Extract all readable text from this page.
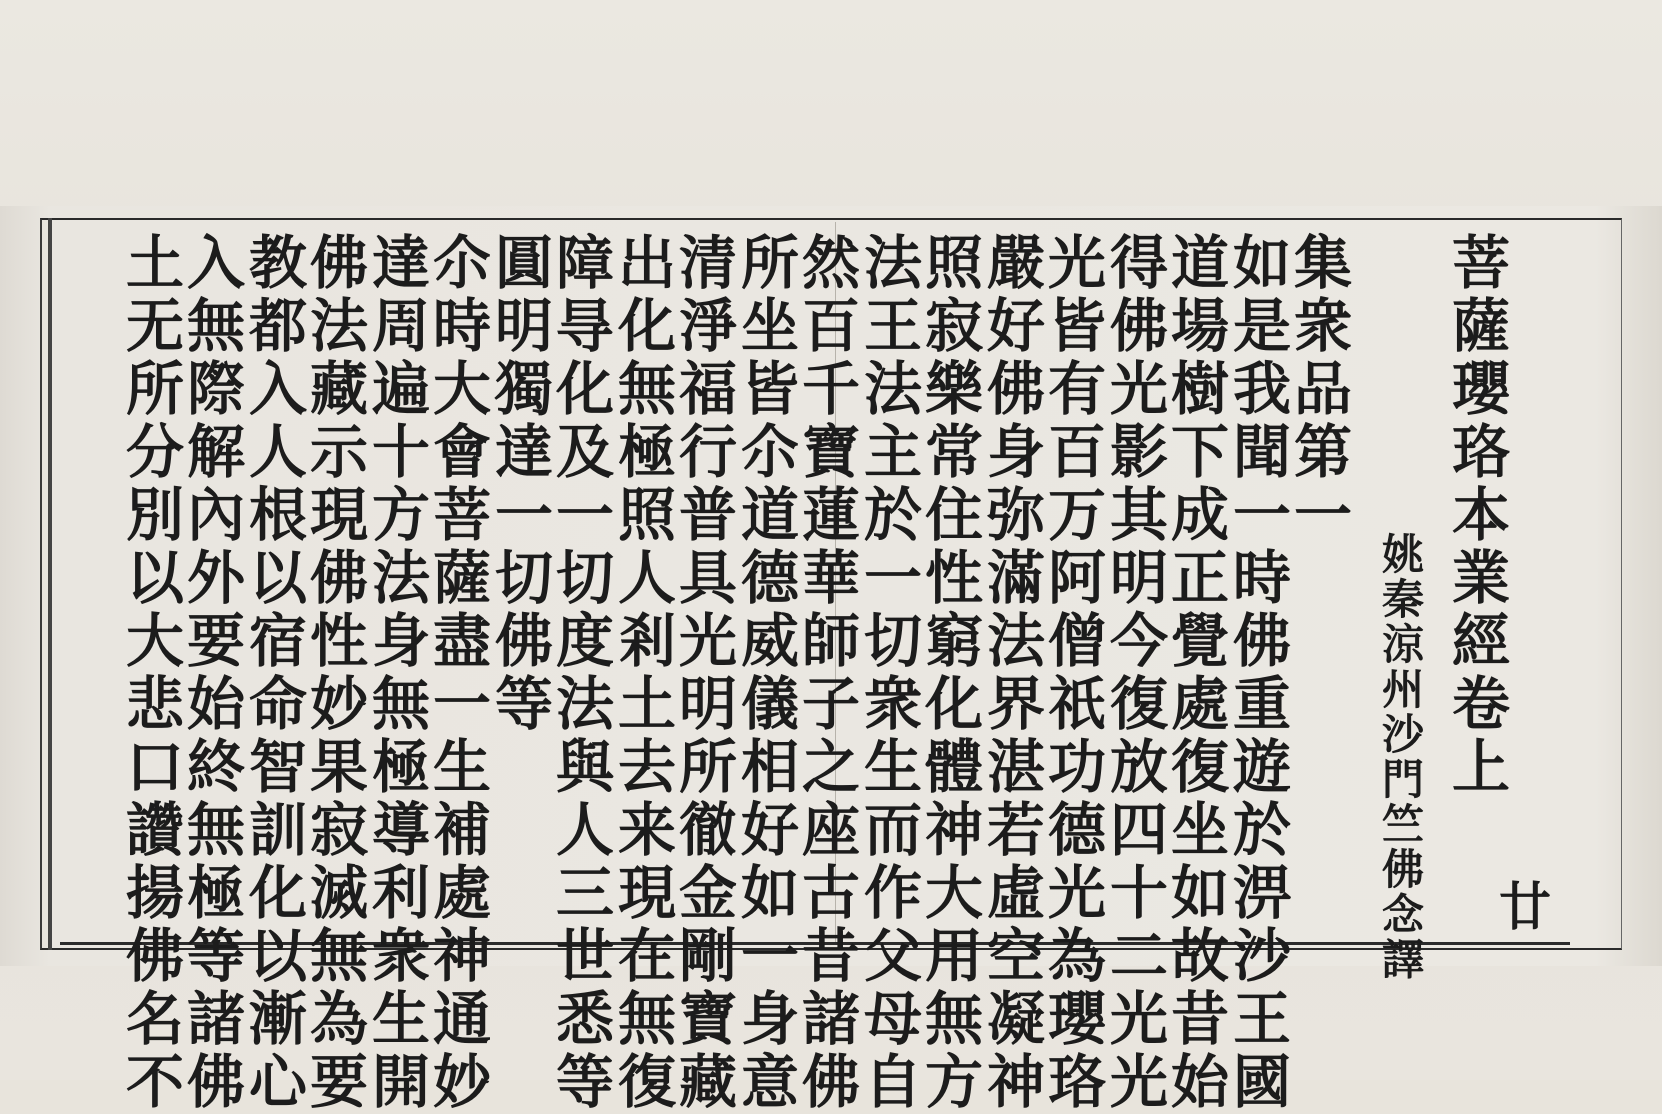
菩薩瓔珞本業經卷上
姚秦涼州沙門竺佛念譯
集衆品第一
如是我聞一時佛重遊於淠沙王國
道場樹下成正覺處復坐如故昔始
得佛光影其明今復放四十二光光
光皆有百万阿僧祇功德光為瓔珞
嚴好佛身弥滿法界湛若虛空凝神
照寂樂常住性窮化體神大用無方
法王法主於一切衆生而作父母自
然百千寶蓮華師子之座古昔諸佛
所坐皆尒道德威儀相好如一身意
清淨福行普具光明所徹金剛寶藏
出化無極照人剎土去来現在無復
障㝵化及一切度法與人三世悉等
圓明獨達一切佛等
尒時大會菩薩盡一生補處神通妙
達周遍十方法身無極導利衆生開
佛法藏示現佛性妙果寂滅無為要
教都入人根以宿命智訓化以漸心
入無際解內外要始終無極等諸佛
土无所分別以大悲口讚揚佛名不	廿
